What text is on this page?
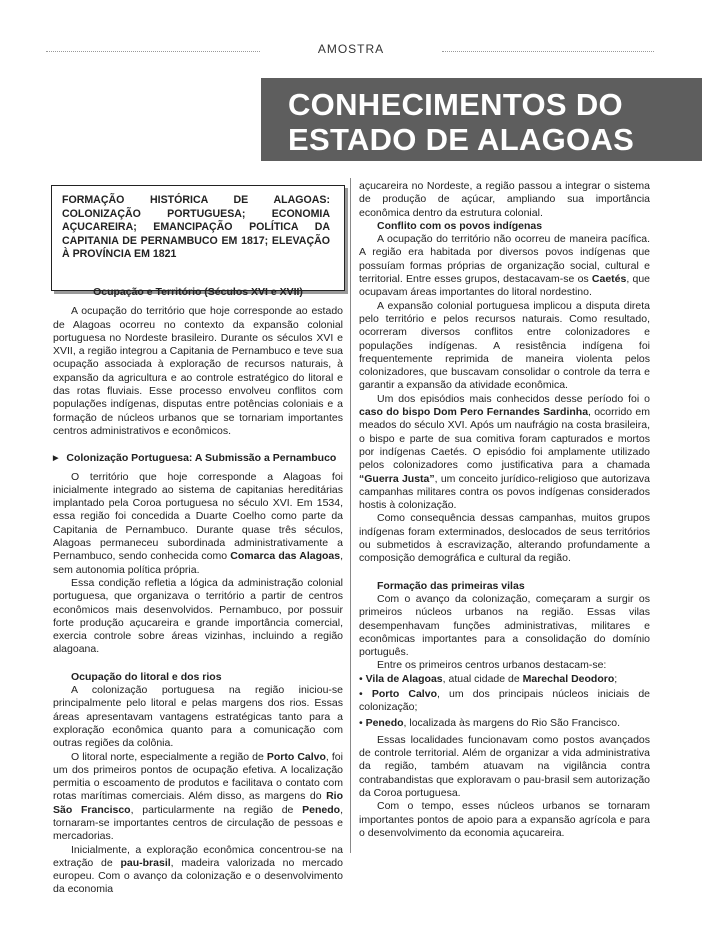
AMOSTRA
CONHECIMENTOS DO
ESTADO DE ALAGOAS
FORMAÇÃO HISTÓRICA DE ALAGOAS: COLONIZAÇÃO PORTUGUESA; ECONOMIA AÇUCAREIRA; EMANCIPAÇÃO POLÍTICA DA CAPITANIA DE PERNAMBUCO EM 1817; ELEVAÇÃO À PROVÍNCIA EM 1821
Ocupação e Território (Séculos XVI e XVII)

A ocupação do território que hoje corresponde ao estado de Alagoas ocorreu no contexto da expansão colonial portuguesa no Nordeste brasileiro. Durante os séculos XVI e XVII, a região integrou a Capitania de Pernambuco e teve sua ocupação associada à exploração de recursos naturais, à expansão da agricultura e ao controle estratégico do litoral e das rotas fluviais. Esse processo envolveu conflitos com populações indígenas, disputas entre potências coloniais e a formação de núcleos urbanos que se tornariam importantes centros administrativos e econômicos.

▶ Colonização Portuguesa: A Submissão a Pernambuco

O território que hoje corresponde a Alagoas foi inicialmente integrado ao sistema de capitanias hereditárias implantado pela Coroa portuguesa no século XVI. Em 1534, essa região foi concedida a Duarte Coelho como parte da Capitania de Pernambuco. Durante quase três séculos, Alagoas permaneceu subordinada administrativamente a Pernambuco, sendo conhecida como Comarca das Alagoas, sem autonomia política própria.

Essa condição refletia a lógica da administração colonial portuguesa, que organizava o território a partir de centros econômicos mais desenvolvidos. Pernambuco, por possuir forte produção açucareira e grande importância comercial, exercia controle sobre áreas vizinhas, incluindo a região alagoana.

Ocupação do litoral e dos rios

A colonização portuguesa na região iniciou-se principalmente pelo litoral e pelas margens dos rios. Essas áreas apresentavam vantagens estratégicas tanto para a exploração econômica quanto para a comunicação com outras regiões da colônia.

O litoral norte, especialmente a região de Porto Calvo, foi um dos primeiros pontos de ocupação efetiva. A localização permitia o escoamento de produtos e facilitava o contato com rotas marítimas comerciais. Além disso, as margens do Rio São Francisco, particularmente na região de Penedo, tornaram-se importantes centros de circulação de pessoas e mercadorias.

Inicialmente, a exploração econômica concentrou-se na extração de pau-brasil, madeira valorizada no mercado europeu. Com o avanço da colonização e o desenvolvimento da economia

açucareira no Nordeste, a região passou a integrar o sistema de produção de açúcar, ampliando sua importância econômica dentro da estrutura colonial.

Conflito com os povos indígenas

A ocupação do território não ocorreu de maneira pacífica. A região era habitada por diversos povos indígenas que possuíam formas próprias de organização social, cultural e territorial. Entre esses grupos, destacavam-se os Caetés, que ocupavam áreas importantes do litoral nordestino.

A expansão colonial portuguesa implicou a disputa direta pelo território e pelos recursos naturais. Como resultado, ocorreram diversos conflitos entre colonizadores e populações indígenas. A resistência indígena foi frequentemente reprimida de maneira violenta pelos colonizadores, que buscavam consolidar o controle da terra e garantir a expansão da atividade econômica.

Um dos episódios mais conhecidos desse período foi o caso do bispo Dom Pero Fernandes Sardinha, ocorrido em meados do século XVI. Após um naufrágio na costa brasileira, o bispo e parte de sua comitiva foram capturados e mortos por indígenas Caetés. O episódio foi amplamente utilizado pelos colonizadores como justificativa para a chamada “Guerra Justa”, um conceito jurídico-religioso que autorizava campanhas militares contra os povos indígenas considerados hostis à colonização.

Como consequência dessas campanhas, muitos grupos indígenas foram exterminados, deslocados de seus territórios ou submetidos à escravização, alterando profundamente a composição demográfica e cultural da região.

Formação das primeiras vilas

Com o avanço da colonização, começaram a surgir os primeiros núcleos urbanos na região. Essas vilas desempenhavam funções administrativas, militares e econômicas importantes para a consolidação do domínio português.

Entre os primeiros centros urbanos destacam-se:

• Vila de Alagoas, atual cidade de Marechal Deodoro;

• Porto Calvo, um dos principais núcleos iniciais de colonização;

• Penedo, localizada às margens do Rio São Francisco.

Essas localidades funcionavam como postos avançados de controle territorial. Além de organizar a vida administrativa da região, também atuavam na vigilância contra contrabandistas que exploravam o pau-brasil sem autorização da Coroa portuguesa.

Com o tempo, esses núcleos urbanos se tornaram importantes pontos de apoio para a expansão agrícola e para o desenvolvimento da economia açucareira.
